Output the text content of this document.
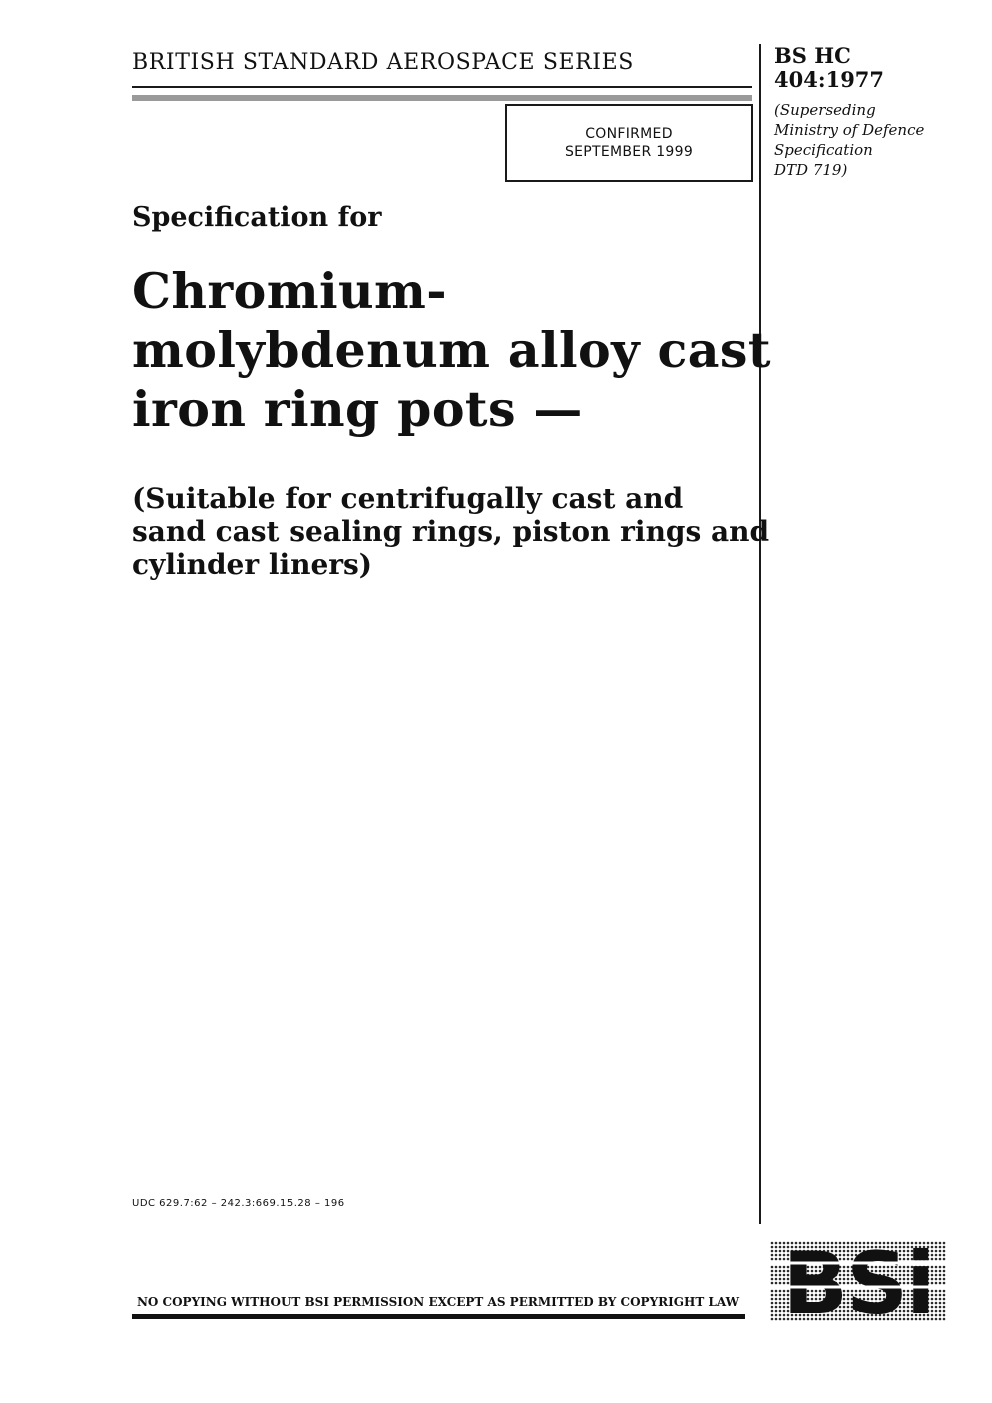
BRITISH STANDARD AEROSPACE SERIES
CONFIRMED
SEPTEMBER 1999
BS HC
404:1977
(Superseding
Ministry of Defence
Specification
DTD 719)
Specification for
Chromium-
molybdenum alloy cast
iron ring pots —
(Suitable for centrifugally cast and
sand cast sealing rings, piston rings and
cylinder liners)
UDC 629.7:62 – 242.3:669.15.28 – 196
NO COPYING WITHOUT BSI PERMISSION EXCEPT AS PERMITTED BY COPYRIGHT LAW BSi
